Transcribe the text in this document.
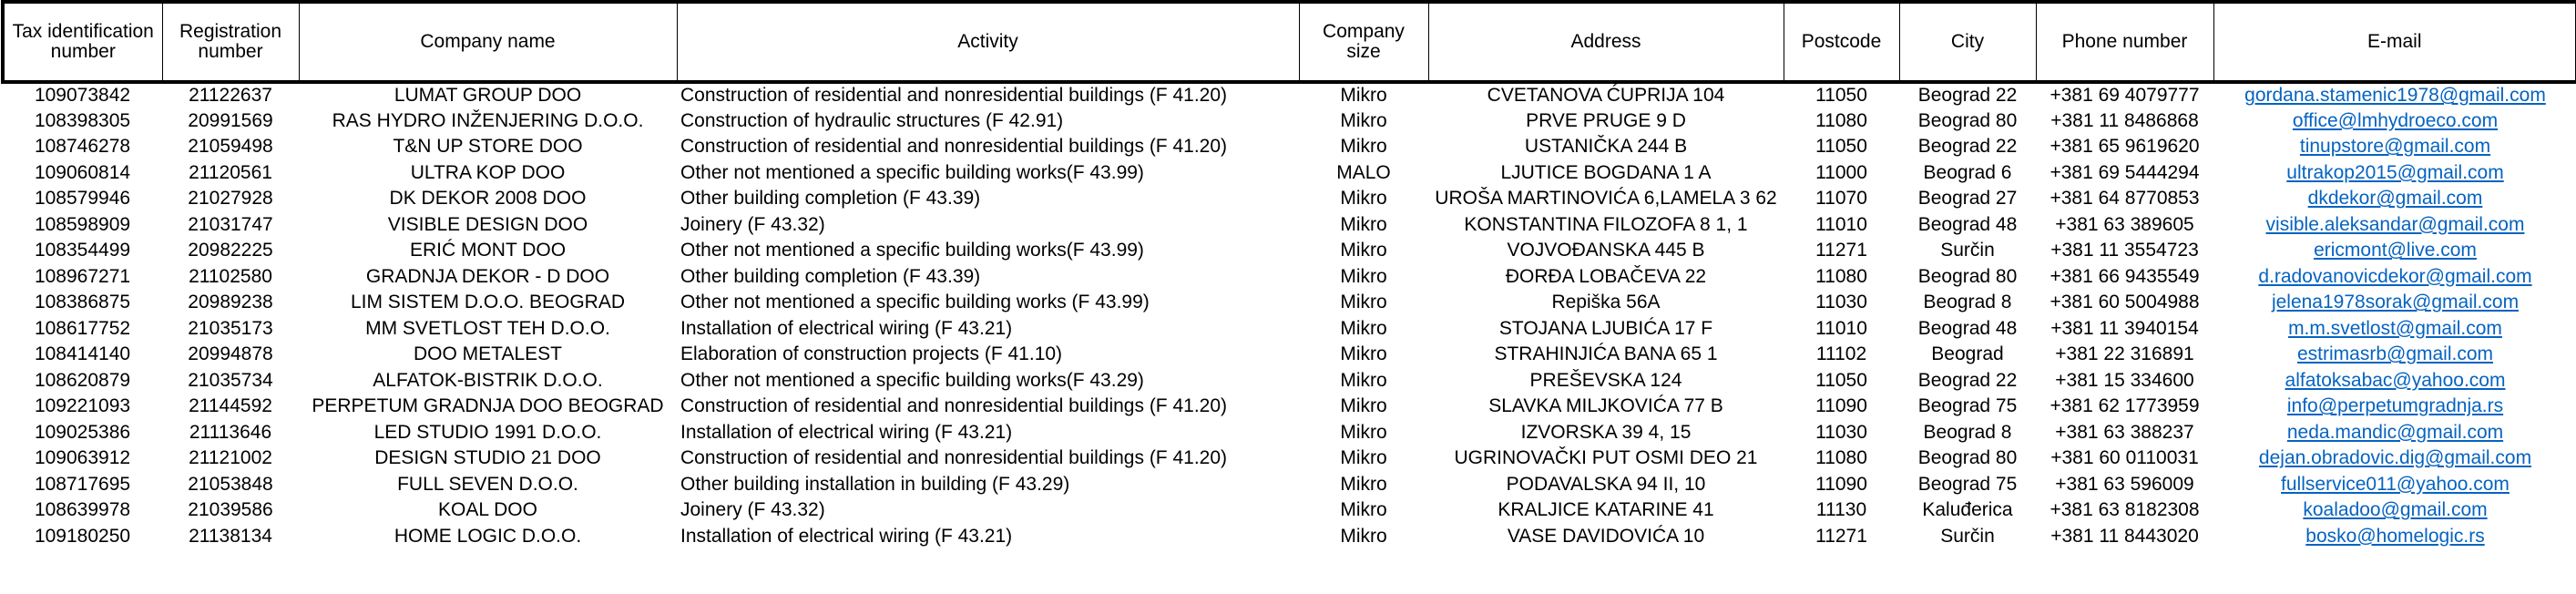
Tax identification number	Registration number	Company name	Activity	Company size	Address	Postcode	City	Phone number	E-mail
109073842	21122637	LUMAT GROUP DOO	Construction of residential and nonresidential buildings (F 41.20)	Mikro	CVETANOVA ĆUPRIJA 104	11050	Beograd 22	+381 69 4079777	gordana.stamenic1978@gmail.com
108398305	20991569	RAS HYDRO INŽENJERING D.O.O.	Construction of hydraulic structures (F 42.91)	Mikro	PRVE PRUGE 9 D	11080	Beograd 80	+381 11 8486868	office@lmhydroeco.com
108746278	21059498	T&N UP STORE DOO	Construction of residential and nonresidential buildings (F 41.20)	Mikro	USTANIČKA 244 B	11050	Beograd 22	+381 65 9619620	tinupstore@gmail.com
109060814	21120561	ULTRA KOP DOO	Other not mentioned a specific building works(F 43.99)	MALO	LJUTICE BOGDANA 1 A	11000	Beograd 6	+381 69 5444294	ultrakop2015@gmail.com
108579946	21027928	DK DEKOR 2008 DOO	Other building completion (F 43.39)	Mikro	UROŠA MARTINOVIĆA 6,LAMELA 3 62	11070	Beograd 27	+381 64 8770853	dkdekor@gmail.com
108598909	21031747	VISIBLE DESIGN DOO	Joinery (F 43.32)	Mikro	KONSTANTINA FILOZOFA 8 1, 1	11010	Beograd 48	+381 63 389605	visible.aleksandar@gmail.com
108354499	20982225	ERIĆ MONT DOO	Other not mentioned a specific building works(F 43.99)	Mikro	VOJVOĐANSKA 445 B	11271	Surčin	+381 11 3554723	ericmont@live.com
108967271	21102580	GRADNJA DEKOR - D DOO	Other building completion (F 43.39)	Mikro	ĐORĐA LOBAČEVA 22	11080	Beograd 80	+381 66 9435549	d.radovanovicdekor@gmail.com
108386875	20989238	LIM SISTEM D.O.O. BEOGRAD	Other not mentioned a specific building works (F 43.99)	Mikro	Repiška 56A	11030	Beograd 8	+381 60 5004988	jelena1978sorak@gmail.com
108617752	21035173	MM SVETLOST TEH D.O.O.	Installation of electrical wiring (F 43.21)	Mikro	STOJANA LJUBIĆA 17 F	11010	Beograd 48	+381 11 3940154	m.m.svetlost@gmail.com
108414140	20994878	DOO METALEST	Elaboration of construction projects (F 41.10)	Mikro	STRAHINJIĆA BANA 65 1	11102	Beograd	+381 22 316891	estrimasrb@gmail.com
108620879	21035734	ALFATOK-BISTRIK D.O.O.	Other not mentioned a specific building works(F 43.29)	Mikro	PREŠEVSKA 124	11050	Beograd 22	+381 15 334600	alfatoksabac@yahoo.com
109221093	21144592	PERPETUM GRADNJA DOO BEOGRAD	Construction of residential and nonresidential buildings (F 41.20)	Mikro	SLAVKA MILJKOVIĆA 77 B	11090	Beograd 75	+381 62 1773959	info@perpetumgradnja.rs
109025386	21113646	LED STUDIO 1991 D.O.O.	Installation of electrical wiring (F 43.21)	Mikro	IZVORSKA 39 4, 15	11030	Beograd 8	+381 63 388237	neda.mandic@gmail.com
109063912	21121002	DESIGN STUDIO 21 DOO	Construction of residential and nonresidential buildings (F 41.20)	Mikro	UGRINOVAČKI PUT OSMI DEO 21	11080	Beograd 80	+381 60 0110031	dejan.obradovic.dig@gmail.com
108717695	21053848	FULL SEVEN D.O.O.	Other building installation in building (F 43.29)	Mikro	PODAVALSKA 94 II, 10	11090	Beograd 75	+381 63 596009	fullservice011@yahoo.com
108639978	21039586	KOAL DOO	Joinery (F 43.32)	Mikro	KRALJICE KATARINE 41	11130	Kaluđerica	+381 63 8182308	koaladoo@gmail.com
109180250	21138134	HOME LOGIC D.O.O.	Installation of electrical wiring (F 43.21)	Mikro	VASE DAVIDOVIĆA 10	11271	Surčin	+381 11 8443020	bosko@homelogic.rs
